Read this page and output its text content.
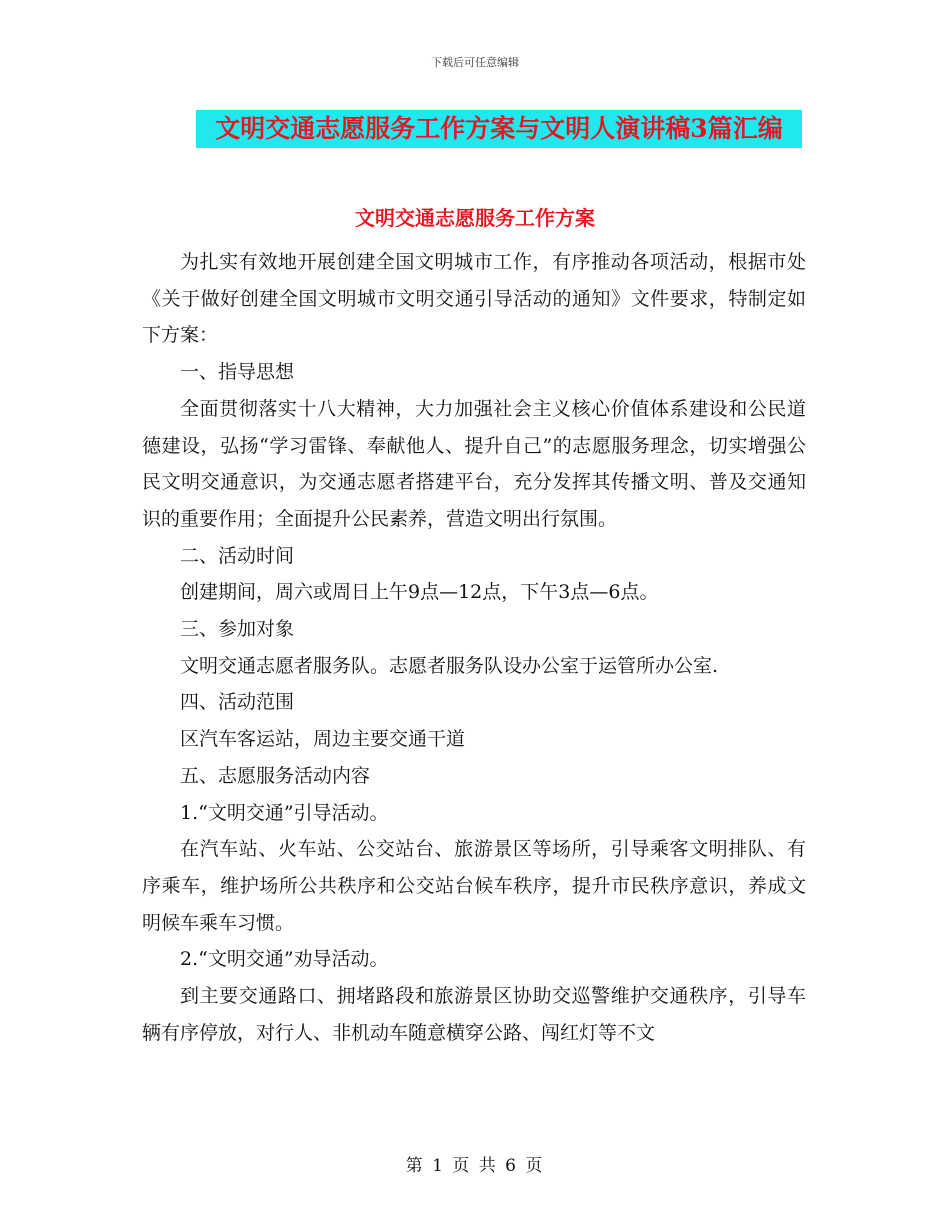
下载后可任意编辑
文明交通志愿服务工作方案与文明人演讲稿3篇汇编
文明交通志愿服务工作方案

为扎实有效地开展创建全国文明城市工作，有序推动各项活动，根据市处《关于做好创建全国文明城市文明交通引导活动的通知》文件要求，特制定如下方案：

一、指导思想

全面贯彻落实十八大精神，大力加强社会主义核心价值体系建设和公民道德建设，弘扬“学习雷锋、奉献他人、提升自己”的志愿服务理念，切实增强公民文明交通意识，为交通志愿者搭建平台，充分发挥其传播文明、普及交通知识的重要作用；全面提升公民素养，营造文明出行氛围。

二、活动时间

创建期间，周六或周日上午9点—12点，下午3点—6点。

三、参加对象

文明交通志愿者服务队。志愿者服务队设办公室于运管所办公室.

四、活动范围

区汽车客运站，周边主要交通干道

五、志愿服务活动内容

1.“文明交通”引导活动。

在汽车站、火车站、公交站台、旅游景区等场所，引导乘客文明排队、有序乘车，维护场所公共秩序和公交站台候车秩序，提升市民秩序意识，养成文明候车乘车习惯。

2.“文明交通”劝导活动。

到主要交通路口、拥堵路段和旅游景区协助交巡警维护交通秩序，引导车辆有序停放，对行人、非机动车随意横穿公路、闯红灯等不文

第 1 页 共 6 页
